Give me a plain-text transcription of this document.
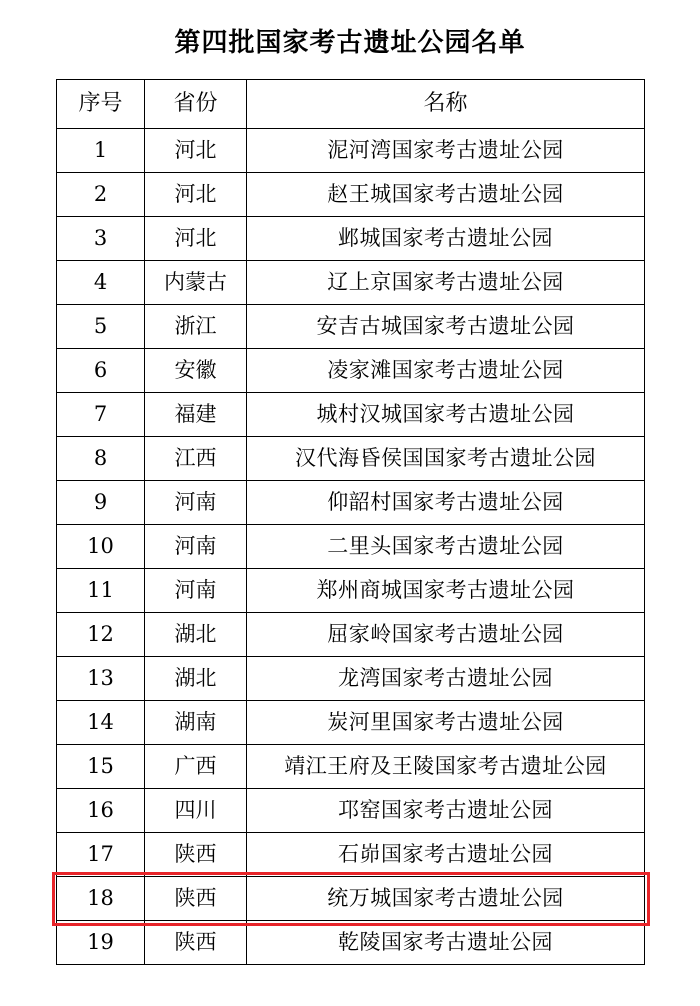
第四批国家考古遗址公园名单
序号	省份	名称
1	河北	泥河湾国家考古遗址公园
2	河北	赵王城国家考古遗址公园
3	河北	邺城国家考古遗址公园
4	内蒙古	辽上京国家考古遗址公园
5	浙江	安吉古城国家考古遗址公园
6	安徽	凌家滩国家考古遗址公园
7	福建	城村汉城国家考古遗址公园
8	江西	汉代海昏侯国国家考古遗址公园
9	河南	仰韶村国家考古遗址公园
10	河南	二里头国家考古遗址公园
11	河南	郑州商城国家考古遗址公园
12	湖北	屈家岭国家考古遗址公园
13	湖北	龙湾国家考古遗址公园
14	湖南	炭河里国家考古遗址公园
15	广西	靖江王府及王陵国家考古遗址公园
16	四川	邛窑国家考古遗址公园
17	陕西	石峁国家考古遗址公园
18	陕西	统万城国家考古遗址公园
19	陕西	乾陵国家考古遗址公园
